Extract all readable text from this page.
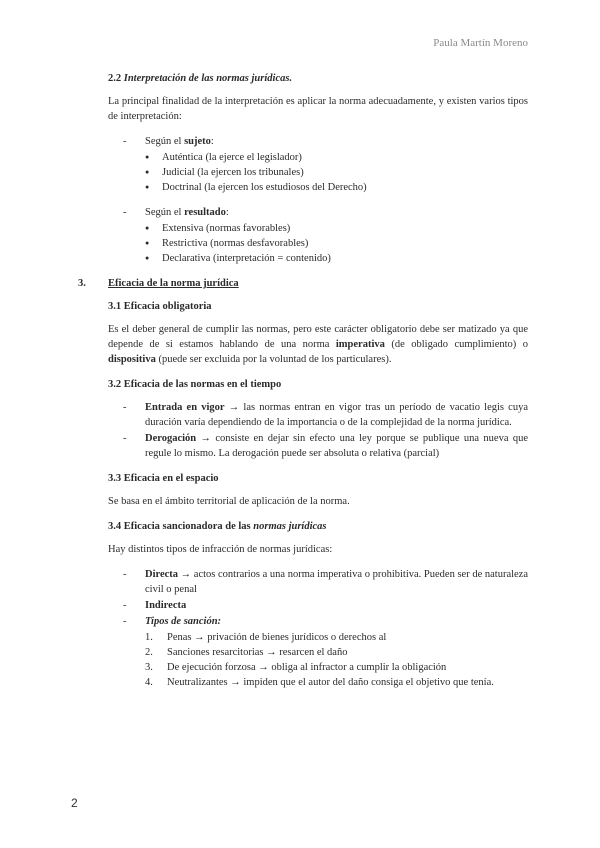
Paula Martín Moreno
2.2 Interpretación de las normas jurídicas.

La principal finalidad de la interpretación es aplicar la norma adecuadamente, y existen varios tipos de interpretación:

- Según el sujeto:
● Auténtica (la ejerce el legislador)
● Judicial (la ejercen los tribunales)
● Doctrinal (la ejercen los estudiosos del Derecho)
- Según el resultado:
● Extensiva (normas favorables)
● Restrictiva (normas desfavorables)
● Declarativa (interpretación = contenido)
3. Eficacia de la norma jurídica
3.1 Eficacia obligatoria

Es el deber general de cumplir las normas, pero este carácter obligatorio debe ser matizado ya que depende de si estamos hablando de una norma imperativa (de obligado cumplimiento) o dispositiva (puede ser excluida por la voluntad de los particulares).

3.2 Eficacia de las normas en el tiempo
- Entrada en vigor → las normas entran en vigor tras un período de vacatio legis cuya duración varía dependiendo de la importancia o de la complejidad de la norma jurídica.
- Derogación → consiste en dejar sin efecto una ley porque se publique una nueva que regule lo mismo. La derogación puede ser absoluta o relativa (parcial)
3.3 Eficacia en el espacio

Se basa en el ámbito territorial de aplicación de la norma.

3.4 Eficacia sancionadora de las normas jurídicas

Hay distintos tipos de infracción de normas jurídicas:

- Directa → actos contrarios a una norma imperativa o prohibitiva. Pueden ser de naturaleza civil o penal
- Indirecta
- Tipos de sanción:
1. Penas → privación de bienes jurídicos o derechos al
2. Sanciones resarcitorias → resarcen el daño
3. De ejecución forzosa → obliga al infractor a cumplir la obligación
4. Neutralizantes → impiden que el autor del daño consiga el objetivo que tenía.
2
